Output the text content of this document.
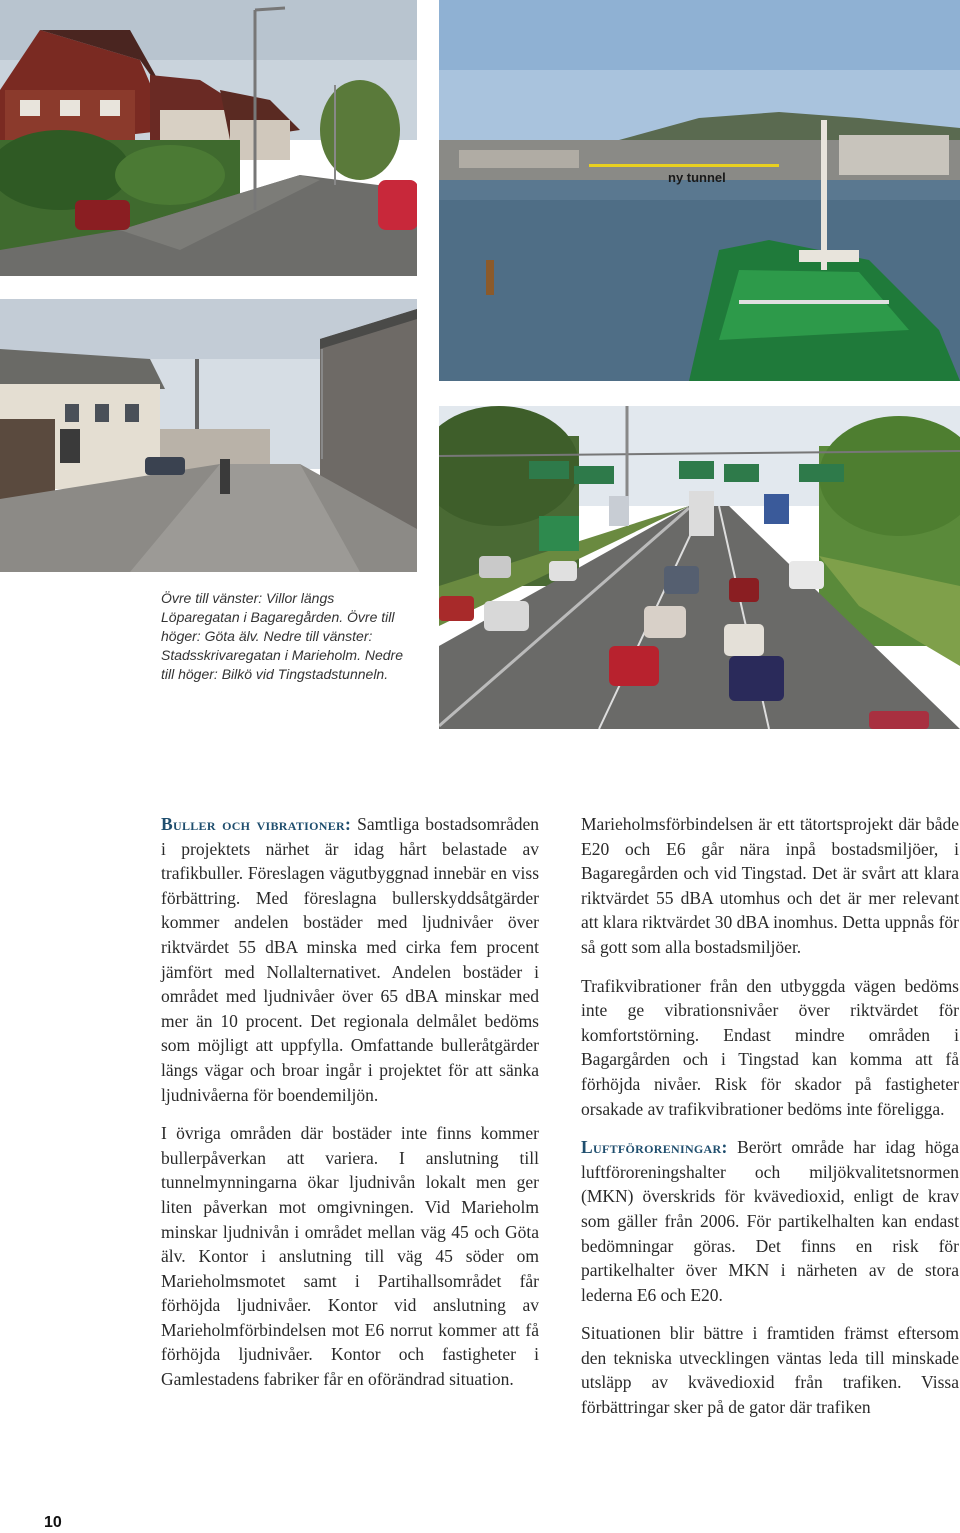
ny tunnel
Övre till vänster: Villor längs Löparegatan i Bagaregården. Övre till höger: Göta älv. Nedre till vänster: Stadsskrivaregatan i Marieholm. Nedre till höger: Bilkö vid Tingstadstunneln.

Buller och vibrationer: Samtliga bostadsområden i projektets närhet är idag hårt belastade av trafikbuller. Föreslagen vägutbyggnad innebär en viss förbättring. Med föreslagna bullerskyddsåtgärder kommer andelen bostäder med ljudnivåer över riktvärdet 55 dBA minska med cirka fem procent jämfört med Nollalternativet. Andelen bostäder i området med ljudnivåer över 65 dBA minskar med mer än 10 procent. Det regionala delmålet bedöms som möjligt att uppfylla. Omfattande bulleråtgärder längs vägar och broar ingår i projektet för att sänka ljudnivåerna för boendemiljön.

I övriga områden där bostäder inte finns kommer bullerpåverkan att variera. I anslutning till tunnelmynningarna ökar ljudnivån lokalt men ger liten påverkan mot omgivningen. Vid Marieholm minskar ljudnivån i området mellan väg 45 och Göta älv. Kontor i anslutning till väg 45 söder om Marieholmsmotet samt i Partihallsområdet får förhöjda ljudnivåer. Kontor vid anslutning av Marieholmförbindelsen mot E6 norrut kommer att få förhöjda ljudnivåer. Kontor och fastigheter i Gamlestadens fabriker får en oförändrad situation.

Marieholmsförbindelsen är ett tätortsprojekt där både E20 och E6 går nära inpå bostadsmiljöer, i Bagaregården och vid Tingstad. Det är svårt att klara riktvärdet 55 dBA utomhus och det är mer relevant att klara riktvärdet 30 dBA inomhus. Detta uppnås för så gott som alla bostadsmiljöer.

Trafikvibrationer från den utbyggda vägen bedöms inte ge vibrationsnivåer över riktvärdet för komfortstörning. Endast mindre områden i Bagargården och i Tingstad kan komma att få förhöjda nivåer. Risk för skador på fastigheter orsakade av trafikvibrationer bedöms inte föreligga.

Luftföroreningar: Berört område har idag höga luftföroreningshalter och miljökvalitetsnormen (MKN) överskrids för kvävedioxid, enligt de krav som gäller från 2006. För partikelhalten kan endast bedömningar göras. Det finns en risk för partikelhalter över MKN i närheten av de stora lederna E6 och E20.

Situationen blir bättre i framtiden främst eftersom den tekniska utvecklingen väntas leda till minskade utsläpp av kvävedioxid från trafiken. Vissa förbättringar sker på de gator där trafiken

10
